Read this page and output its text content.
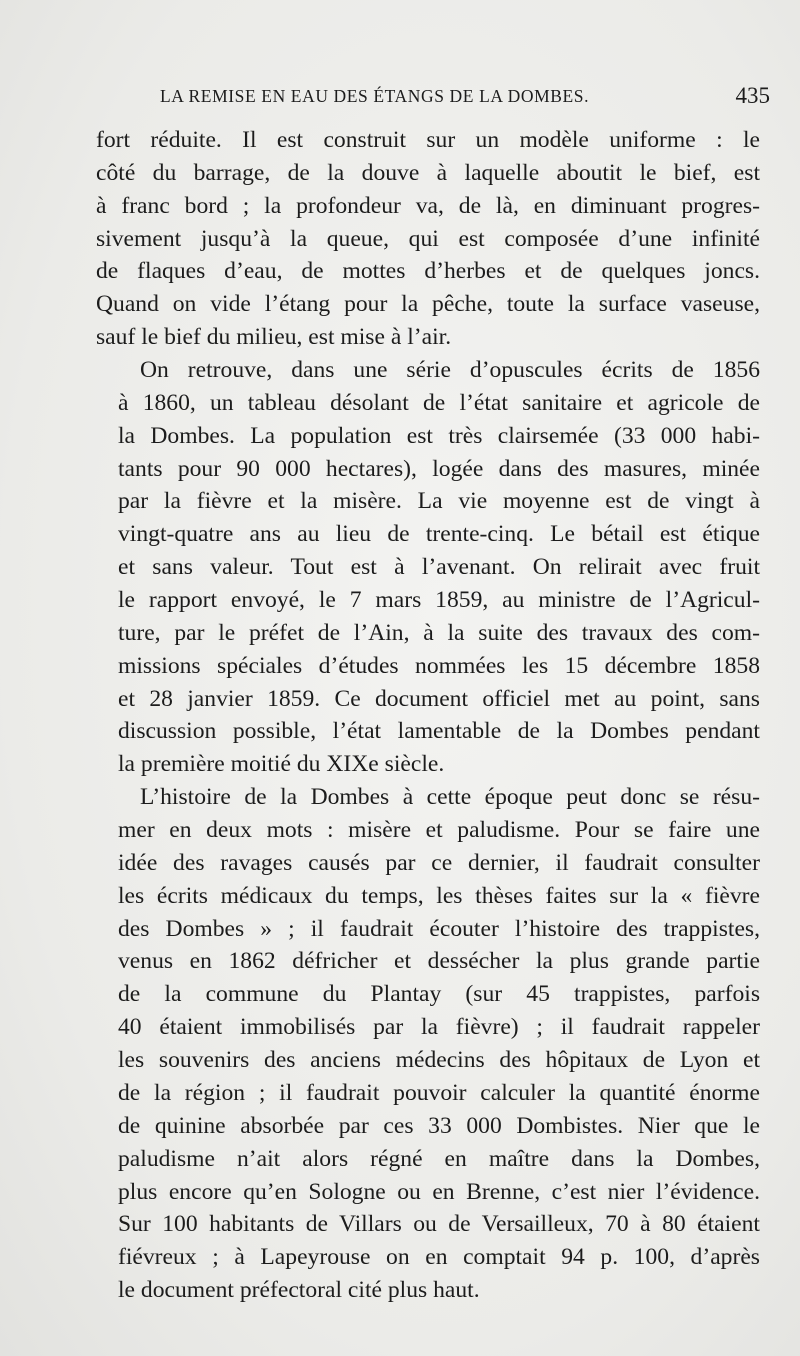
LA REMISE EN EAU DES ÉTANGS DE LA DOMBES.	435

fort réduite. Il est construit sur un modèle uniforme : le
côté du barrage, de la douve à laquelle aboutit le bief, est
à franc bord ; la profondeur va, de là, en diminuant progres-
sivement jusqu’à la queue, qui est composée d’une infinité
de flaques d’eau, de mottes d’herbes et de quelques joncs.
Quand on vide l’étang pour la pêche, toute la surface vaseuse,
sauf le bief du milieu, est mise à l’air.

On retrouve, dans une série d’opuscules écrits de 1856
à 1860, un tableau désolant de l’état sanitaire et agricole de
la Dombes. La population est très clairsemée (33 000 habi-
tants pour 90 000 hectares), logée dans des masures, minée
par la fièvre et la misère. La vie moyenne est de vingt à
vingt-quatre ans au lieu de trente-cinq. Le bétail est étique
et sans valeur. Tout est à l’avenant. On relirait avec fruit
le rapport envoyé, le 7 mars 1859, au ministre de l’Agricul-
ture, par le préfet de l’Ain, à la suite des travaux des com-
missions spéciales d’études nommées les 15 décembre 1858
et 28 janvier 1859. Ce document officiel met au point, sans
discussion possible, l’état lamentable de la Dombes pendant
la première moitié du XIXe siècle.

L’histoire de la Dombes à cette époque peut donc se résu-
mer en deux mots : misère et paludisme. Pour se faire une
idée des ravages causés par ce dernier, il faudrait consulter
les écrits médicaux du temps, les thèses faites sur la « fièvre
des Dombes » ; il faudrait écouter l’histoire des trappistes,
venus en 1862 défricher et dessécher la plus grande partie
de la commune du Plantay (sur 45 trappistes, parfois
40 étaient immobilisés par la fièvre) ; il faudrait rappeler
les souvenirs des anciens médecins des hôpitaux de Lyon et
de la région ; il faudrait pouvoir calculer la quantité énorme
de quinine absorbée par ces 33 000 Dombistes. Nier que le
paludisme n’ait alors régné en maître dans la Dombes,
plus encore qu’en Sologne ou en Brenne, c’est nier l’évidence.
Sur 100 habitants de Villars ou de Versailleux, 70 à 80 étaient
fiévreux ; à Lapeyrouse on en comptait 94 p. 100, d’après
le document préfectoral cité plus haut.
